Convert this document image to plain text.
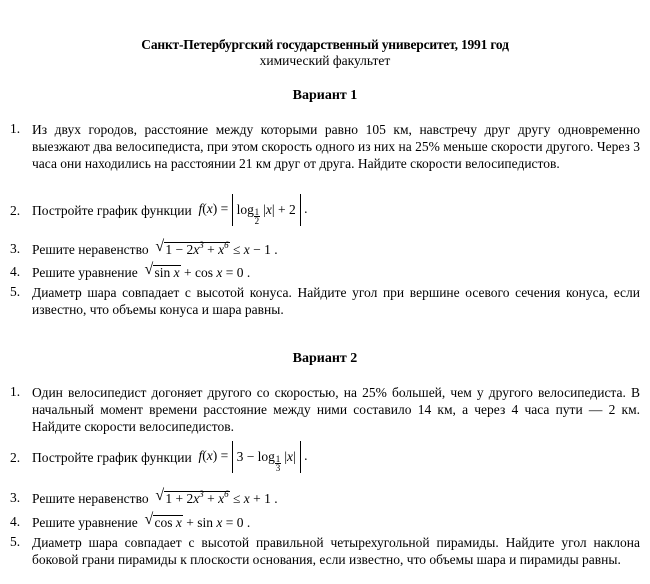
Санкт-Петербургский государственный университет, 1991 год
химический факультет
Вариант 1
1. Из двух городов, расстояние между которыми равно 105 км, навстречу друг другу одновременно выезжают два велосипедиста, при этом скорость одного из них на 25% меньше скорости другого. Через 3 часа они находились на расстоянии 21 км друг от друга. Найдите скорости велосипедистов.
2. Постройте график функции $f(x) = \log \frac{1}{2} |x| + 2$ .
3. Решите неравенство √ $1 - 2x^3 + x^6 \le x - 1$ .
4. Решите уравнение √ sin x + cos x = 0 .
5. Диаметр шара совпадает с высотой конуса. Найдите угол при вершине осевого сечения конуса, если известно, что объемы конуса и шара равны.
Вариант 2
1. Один велосипедист догоняет другого со скоростью, на 25% большей, чем у другого велосипедиста. В начальный момент времени расстояние между ними составило 14 км, а через 4 часа пути — 2 км. Найдите скорости велосипедистов.
2. Постройте график функции $f(x) = 3 - \log \frac{1}{3} |x|$ .
3. Решите неравенство √ $1 + 2x^3 + x^6 \le x + 1$ .
4. Решите уравнение √ cos x + sin x = 0 .
5. Диаметр шара совпадает с высотой правильной четырехугольной пирамиды. Найдите угол наклона боковой грани пирамиды к плоскости основания, если известно, что объемы шара и пирамиды равны.
